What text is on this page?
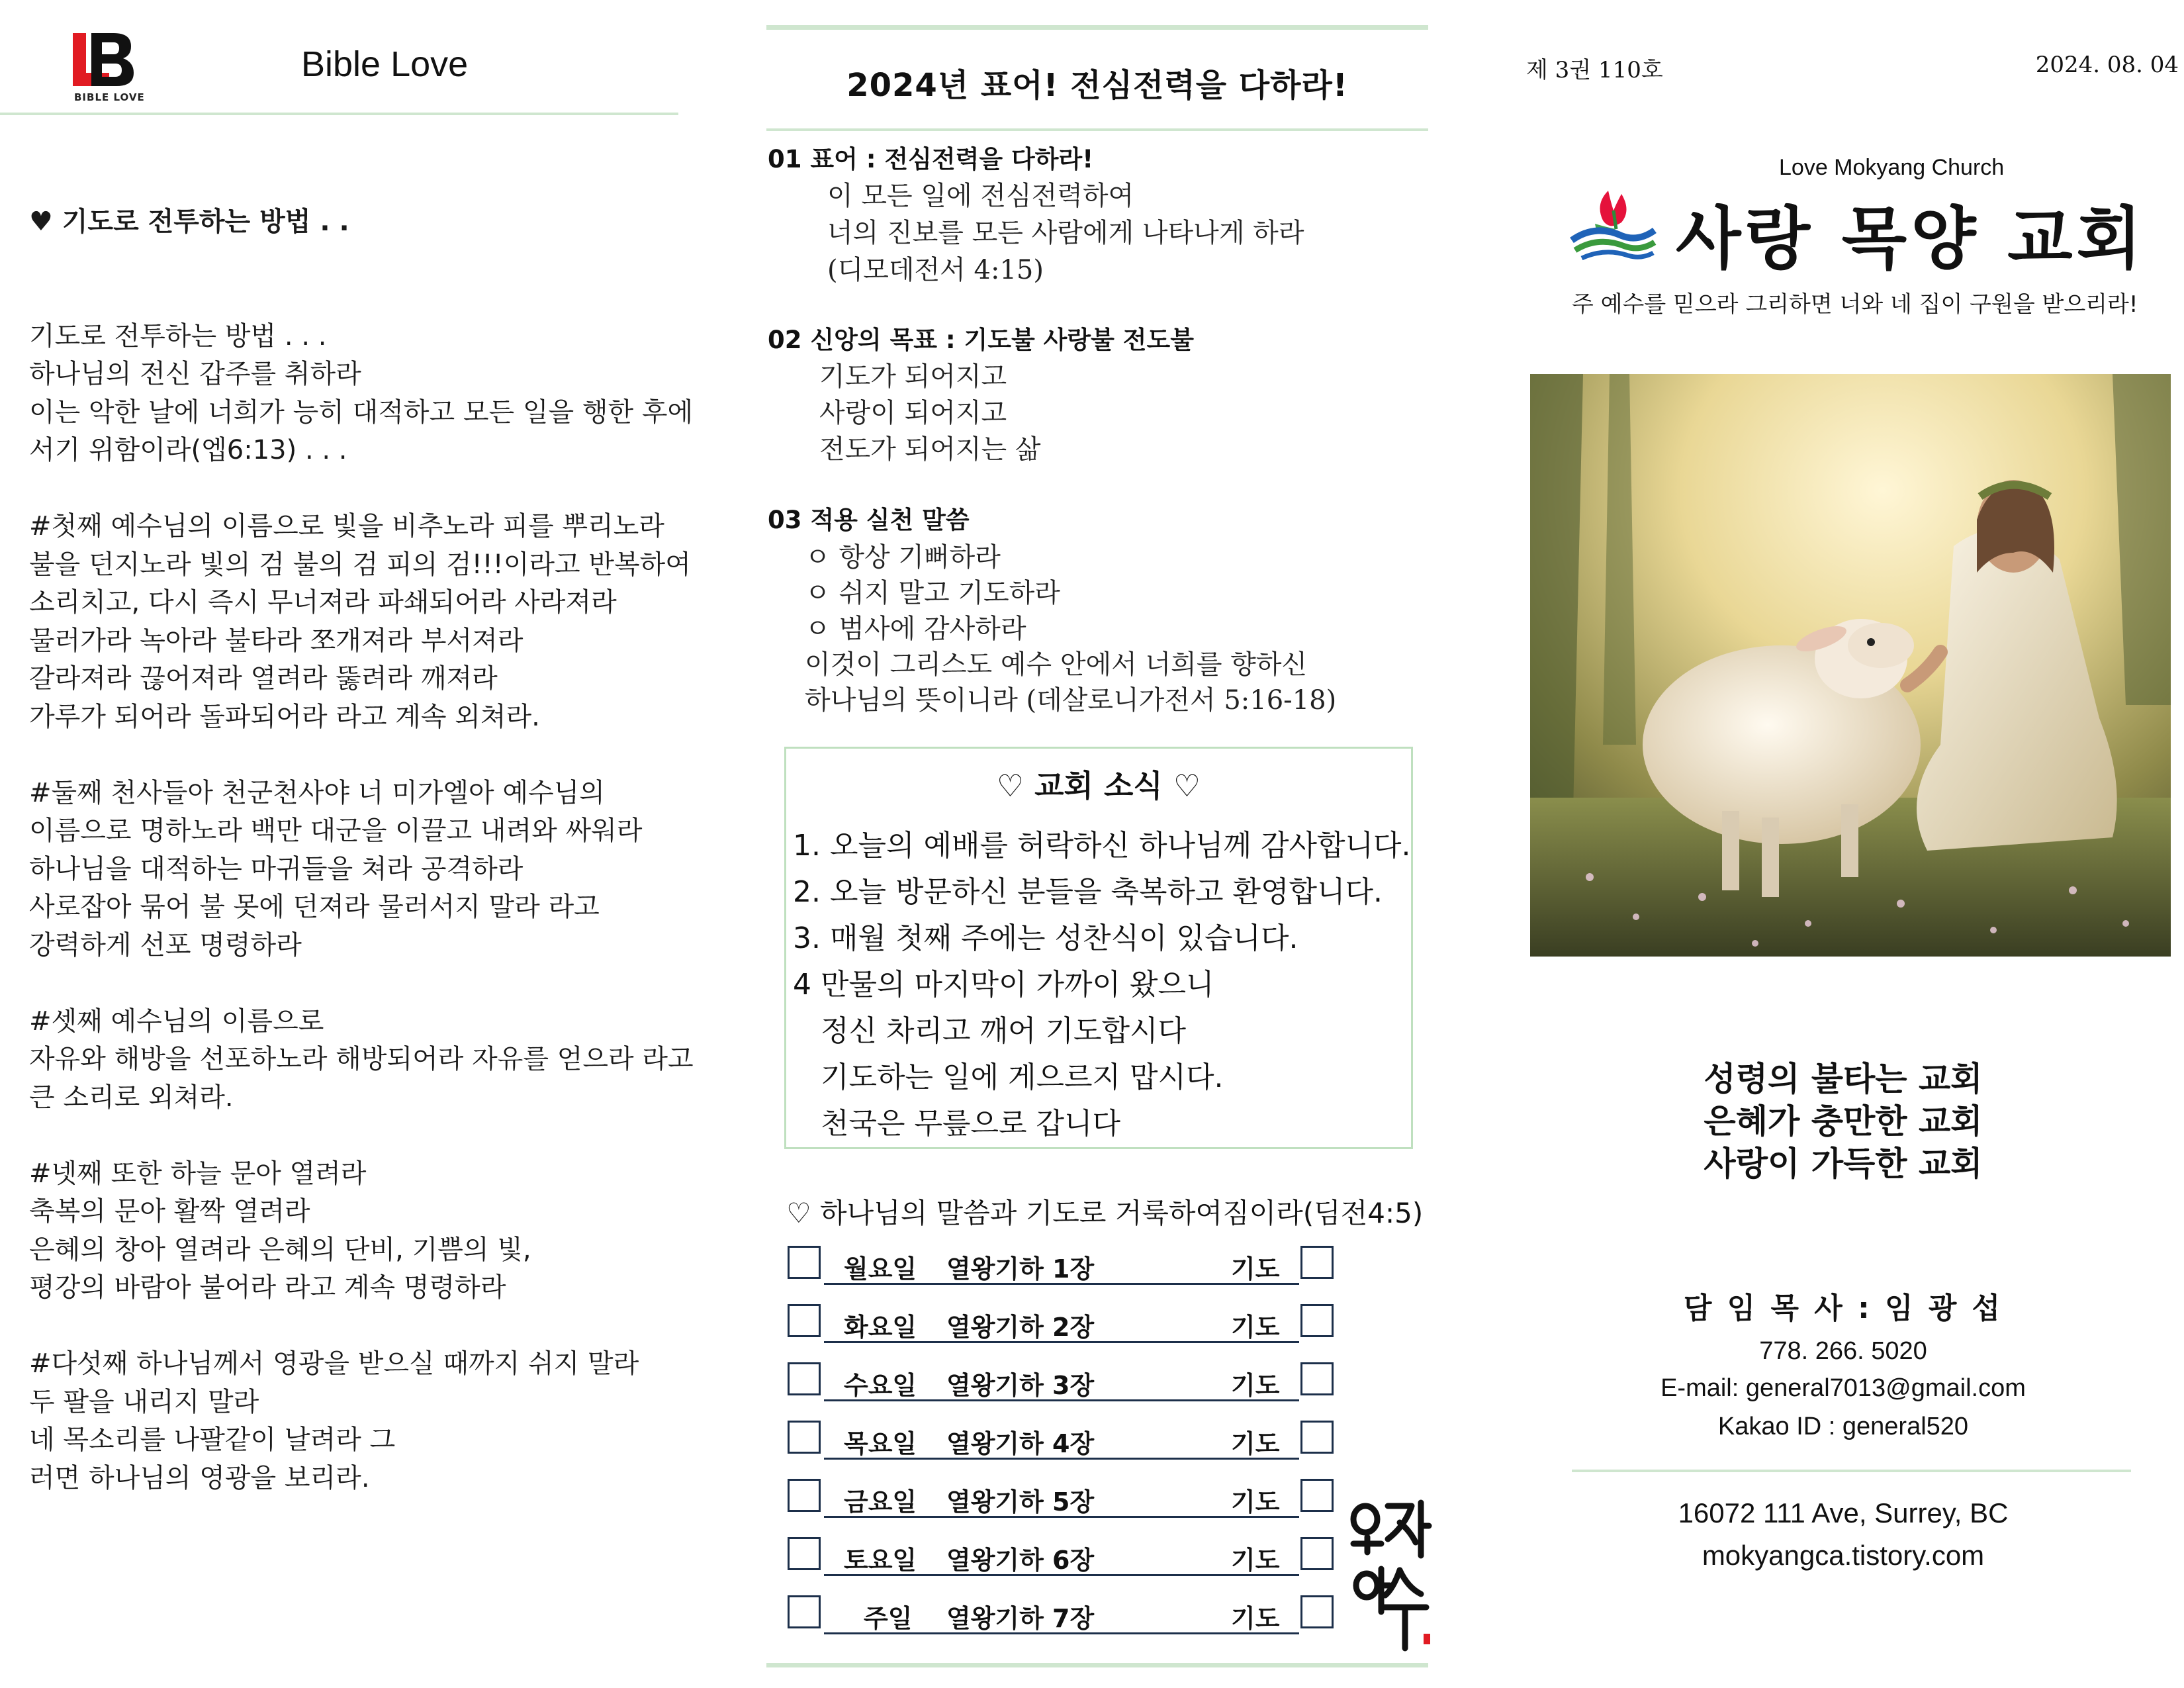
BIBLE LOVE
Bible Love

♥ 기도로 전투하는 방법 . .

기도로 전투하는 방법 . . .
하나님의 전신 갑주를 취하라
이는 악한 날에 너희가 능히 대적하고 모든 일을 행한 후에
서기 위함이라(엡6:13) . . .
#첫째 예수님의 이름으로 빛을 비추노라 피를 뿌리노라
불을 던지노라 빛의 검 불의 검 피의 검!!!이라고 반복하여
소리치고, 다시 즉시 무너져라 파쇄되어라 사라져라
물러가라 녹아라 불타라 쪼개져라 부서져라
갈라져라 끊어져라 열려라 뚫려라 깨져라
가루가 되어라 돌파되어라 라고 계속 외쳐라.
#둘째 천사들아 천군천사야 너 미가엘아 예수님의
이름으로 명하노라 백만 대군을 이끌고 내려와 싸워라
하나님을 대적하는 마귀들을 쳐라 공격하라
사로잡아 묶어 불 못에 던져라 물러서지 말라 라고
강력하게 선포 명령하라
#셋째 예수님의 이름으로
자유와 해방을 선포하노라 해방되어라 자유를 얻으라 라고
큰 소리로 외쳐라.
#넷째 또한 하늘 문아 열려라
축복의 문아 활짝 열려라
은혜의 창아 열려라 은혜의 단비, 기쁨의 빛,
평강의 바람아 불어라 라고 계속 명령하라
#다섯째 하나님께서 영광을 받으실 때까지 쉬지 말라
두 팔을 내리지 말라
네 목소리를 나팔같이 날려라 그
러면 하나님의 영광을 보리라.

2024년 표어! 전심전력을 다하라!
01 표어 : 전심전력을 다하라!
이 모든 일에 전심전력하여
너의 진보를 모든 사람에게 나타나게 하라
(디모데전서 4:15)
02 신앙의 목표 : 기도불 사랑불 전도불
기도가 되어지고
사랑이 되어지고
전도가 되어지는 삶
03 적용 실천 말씀
ㅇ 항상 기뻐하라
ㅇ 쉬지 말고 기도하라
ㅇ 범사에 감사하라
이것이 그리스도 예수 안에서 너희를 향하신
하나님의 뜻이니라 (데살로니가전서 5:16-18)
♡ 교회 소식 ♡
1. 오늘의 예배를 허락하신 하나님께 감사합니다.
2. 오늘 방문하신 분들을 축복하고 환영합니다.
3. 매월 첫째 주에는 성찬식이 있습니다.
4 만물의 마지막이 가까이 왔으니
정신 차리고 깨어 기도합시다
기도하는 일에 게으르지 맙시다.
천국은 무릎으로 갑니다
♡ 하나님의 말씀과 기도로 거룩하여짐이라(딤전4:5)
월요일 열왕기하 1장	기도
화요일 열왕기하 2장	기도
수요일 열왕기하 3장	기도
목요일 열왕기하 4장	기도
금요일 열왕기하 5장	기도
토요일 열왕기하 6장	기도
주일 열왕기하 7장	기도
제 3권 110호	2024. 08. 04
Love Mokyang Church
사랑 목양 교회
주 예수를 믿으라 그리하면 너와 네 집이 구원을 받으리라!
성령의 불타는 교회
은혜가 충만한 교회
사랑이 가득한 교회
담 임 목 사 : 임 광 섭
778. 266. 5020
E-mail: general7013@gmail.com
Kakao ID : general520
16072 111 Ave, Surrey, BC
mokyangca.tistory.com
